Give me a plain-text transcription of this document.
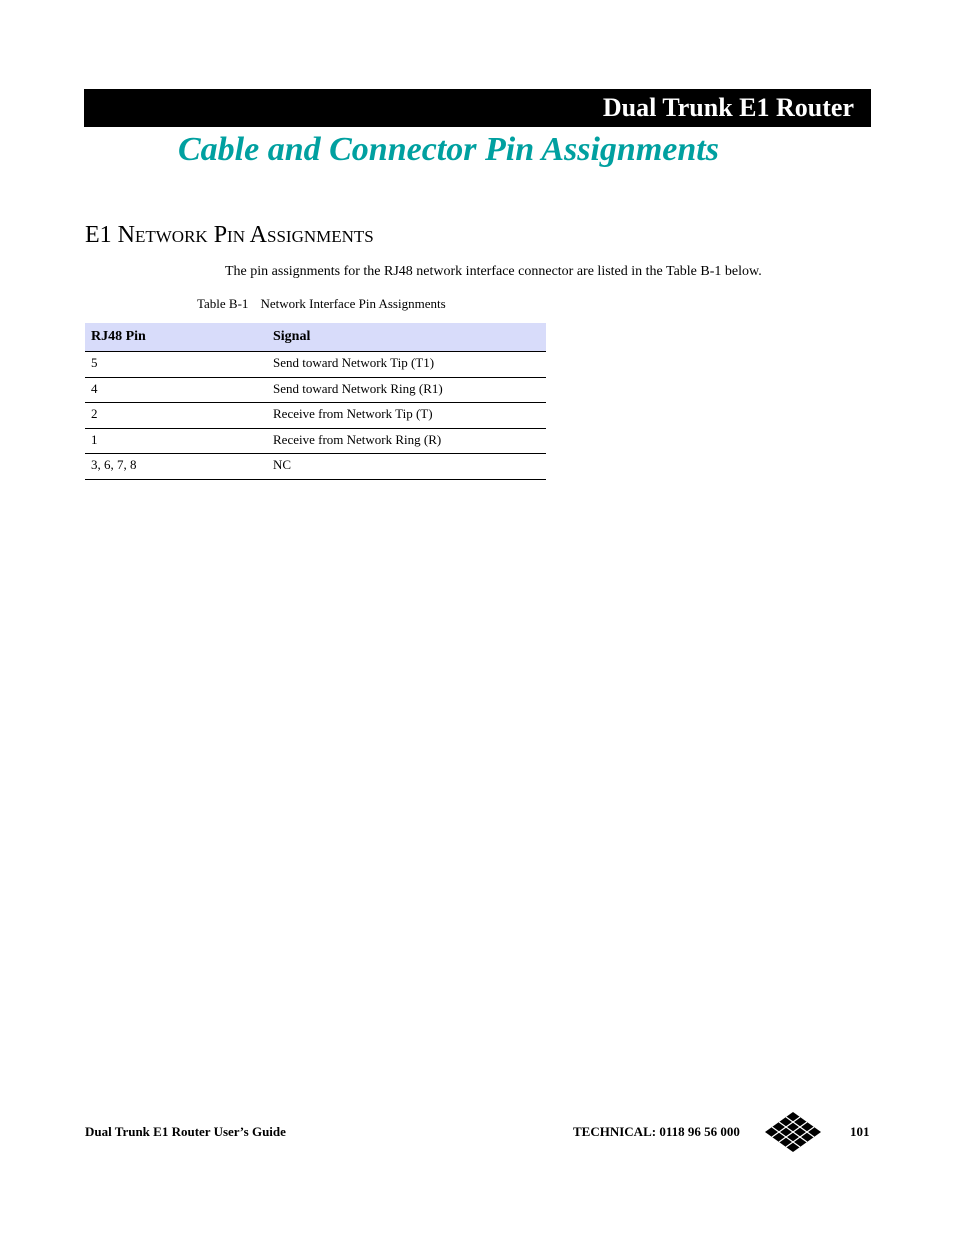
Dual Trunk E1 Router
Cable and Connector Pin Assignments
E1 Network Pin Assignments
The pin assignments for the RJ48 network interface connector are listed in the Table B-1 below.
Table B-1 Network Interface Pin Assignments
RJ48 Pin	Signal
5	Send toward Network Tip (T1)
4	Send toward Network Ring (R1)
2	Receive from Network Tip (T)
1	Receive from Network Ring (R)
3, 6, 7, 8	NC
Dual Trunk E1 Router User’s Guide	TECHNICAL: 0118 96 56 000	101
